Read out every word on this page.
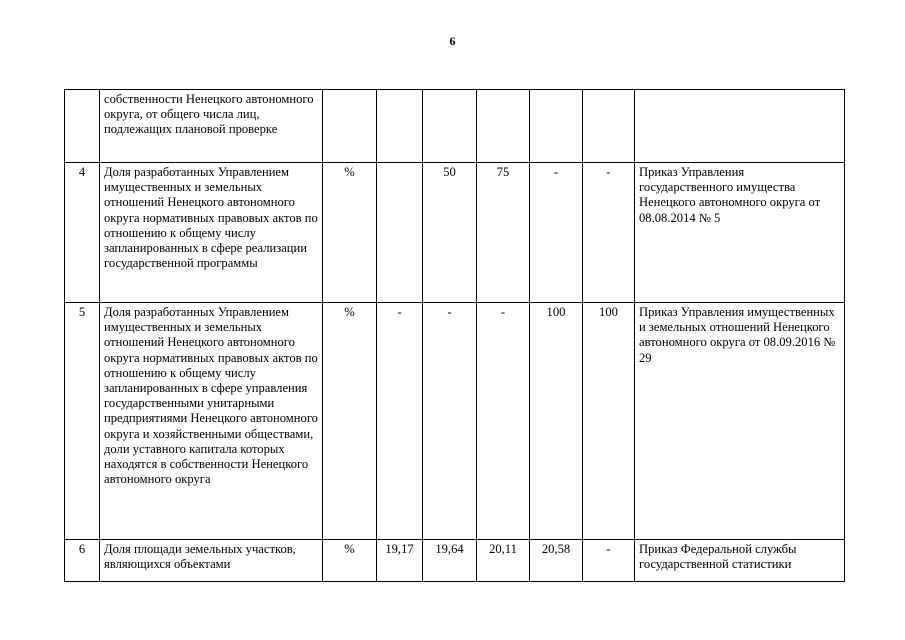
6
	собственности Ненецкого автономного округа, от общего числа лиц, подлежащих плановой проверке							
4	Доля разработанных Управлением имущественных и земельных отношений Ненецкого автономного округа нормативных правовых актов по отношению к общему числу запланированных в сфере реализации государственной программы	%		50	75	-	-	Приказ Управления государственного имущества Ненецкого автономного округа от 08.08.2014 № 5
5	Доля разработанных Управлением имущественных и земельных отношений Ненецкого автономного округа нормативных правовых актов по отношению к общему числу запланированных в сфере управления государственными унитарными предприятиями Ненецкого автономного округа и хозяйственными обществами, доли уставного капитала которых находятся в собственности Ненецкого автономного округа	%	-	-	-	100	100	Приказ Управления имущественных и земельных отношений Ненецкого автономного округа от 08.09.2016 № 29
6	Доля площади земельных участков, являющихся объектами	%	19,17	19,64	20,11	20,58	-	Приказ Федеральной службы государственной статистики
